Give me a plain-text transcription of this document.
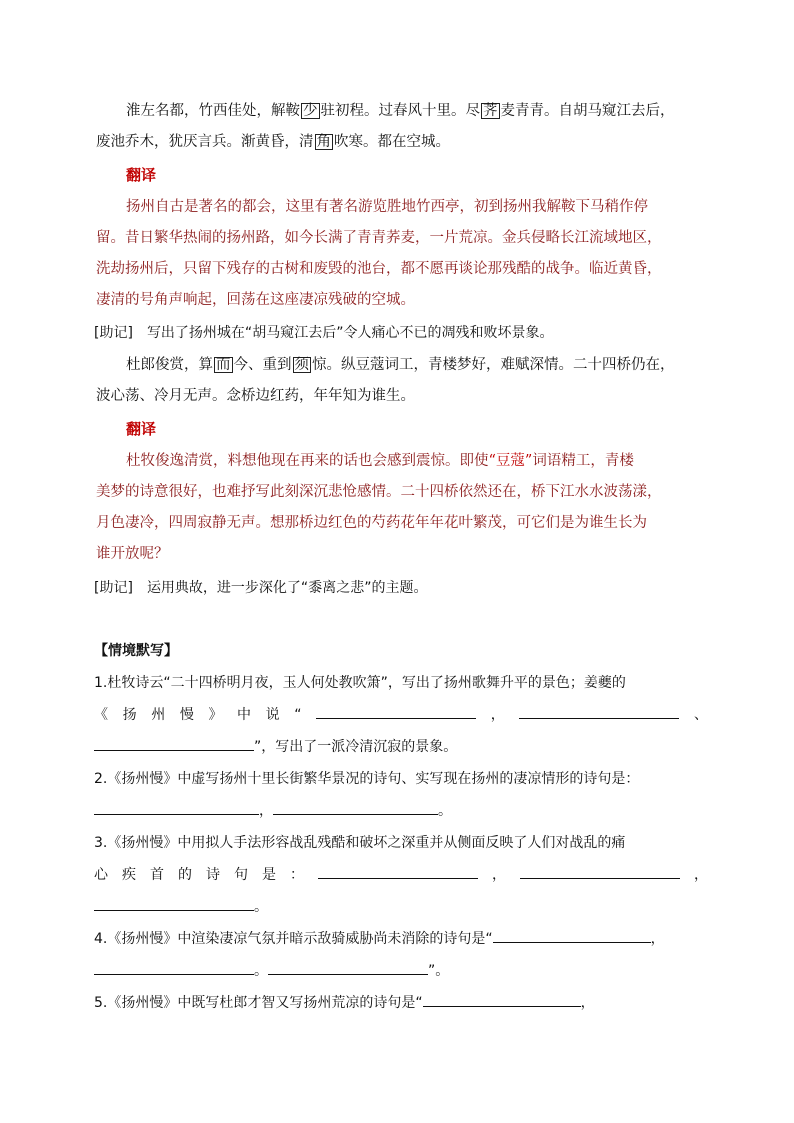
淮左名都，竹西佳处，解鞍 少 驻初程。过春风十里。尽 荠 麦青青。自胡马窥江去后，
废池乔木，犹厌言兵。渐黄昏，清 角 吹寒。都在空城。
翻译
扬州自古是著名的都会，这里有著名游览胜地竹西亭，初到扬州我解鞍下马稍作停
留。昔日繁华热闹的扬州路，如今长满了青青荞麦，一片荒凉。金兵侵略长江流域地区，
洗劫扬州后，只留下残存的古树和废毁的池台，都不愿再谈论那残酷的战争。临近黄昏，
凄清的号角声响起，回荡在这座凄凉残破的空城。
[助记] 写出了扬州城在“胡马窥江去后”令人痛心不已的凋残和败坏景象。
杜郎俊赏，算 而 今、重到 须 惊。纵豆蔻词工，青楼梦好，难赋深情。二十四桥仍在，
波心荡、冷月无声。念桥边红药，年年知为谁生。
翻译
杜牧俊逸清赏，料想他现在再来的话也会感到震惊。即使“豆蔻”词语精工，青楼
美梦的诗意很好，也难抒写此刻深沉悲怆感情。二十四桥依然还在，桥下江水水波荡漾，
月色凄冷，四周寂静无声。想那桥边红色的芍药花年年花叶繁茂，可它们是为谁生长为
谁开放呢？
[助记] 运用典故，进一步深化了“黍离之悲”的主题。
【情境默写】
1.杜牧诗云“二十四桥明月夜，玉人何处教吹箫”，写出了扬州歌舞升平的景色；姜夔的
《 扬 州 慢 》 中 说 “	，	、
”，写出了一派冷清沉寂的景象。
2.《扬州慢》中虚写扬州十里长街繁华景况的诗句、实写现在扬州的凄凉情形的诗句是：
，	。
3.《扬州慢》中用拟人手法形容战乱残酷和破坏之深重并从侧面反映了人们对战乱的痛
心 疾 首 的 诗 句 是 ：	，	，
。
4.《扬州慢》中渲染凄凉气氛并暗示敌骑威胁尚未消除的诗句是“	，
。	”。
5.《扬州慢》中既写杜郎才智又写扬州荒凉的诗句是“	，
